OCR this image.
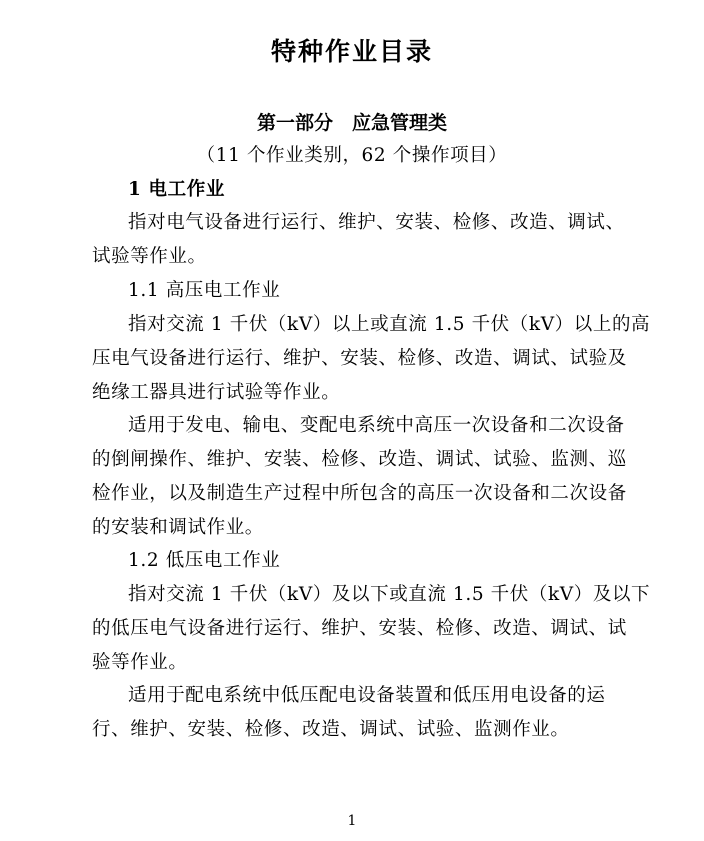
特种作业目录
第一部分　应急管理类
（11 个作业类别，62 个操作项目）
1 电工作业
指对电气设备进行运行、维护、安装、检修、改造、调试、
试验等作业。
1.1 高压电工作业
指对交流 1 千伏（kV）以上或直流 1.5 千伏（kV）以上的高
压电气设备进行运行、维护、安装、检修、改造、调试、试验及
绝缘工器具进行试验等作业。
适用于发电、输电、变配电系统中高压一次设备和二次设备
的倒闸操作、维护、安装、检修、改造、调试、试验、监测、巡
检作业，以及制造生产过程中所包含的高压一次设备和二次设备
的安装和调试作业。
1.2 低压电工作业
指对交流 1 千伏（kV）及以下或直流 1.5 千伏（kV）及以下
的低压电气设备进行运行、维护、安装、检修、改造、调试、试
验等作业。
适用于配电系统中低压配电设备装置和低压用电设备的运
行、维护、安装、检修、改造、调试、试验、监测作业。
1
